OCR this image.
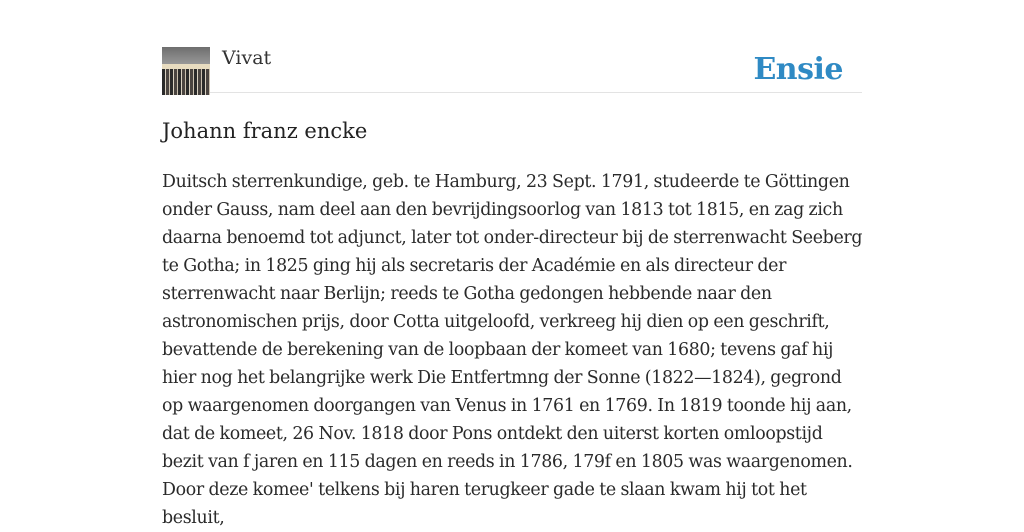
Vivat	Ensie
Johann franz encke

Duitsch sterrenkundige, geb. te Hamburg, 23 Sept. 1791, studeerde te Göttingen onder Gauss, nam deel aan den bevrijdingsoorlog van 1813 tot 1815, en zag zich daarna benoemd tot adjunct, later tot onder-directeur bij de sterrenwacht Seeberg te Gotha; in 1825 ging hij als secretaris der Académie en als directeur der sterrenwacht naar Berlijn; reeds te Gotha gedongen hebbende naar den astronomischen prijs, door Cotta uitgeloofd, verkreeg hij dien op een geschrift, bevattende de berekening van de loopbaan der komeet van 1680; tevens gaf hij hier nog het belangrijke werk Die Entfertmng der Sonne (1822—1824), gegrond op waargenomen doorgangen van Venus in 1761 en 1769. In 1819 toonde hij aan, dat de komeet, 26 Nov. 1818 door Pons ontdekt den uiterst korten omloopstijd bezit van f jaren en 115 dagen en reeds in 1786, 179f en 1805 was waargenomen. Door deze komee' telkens bij haren terugkeer gade te slaan kwam hij tot het besluit,
